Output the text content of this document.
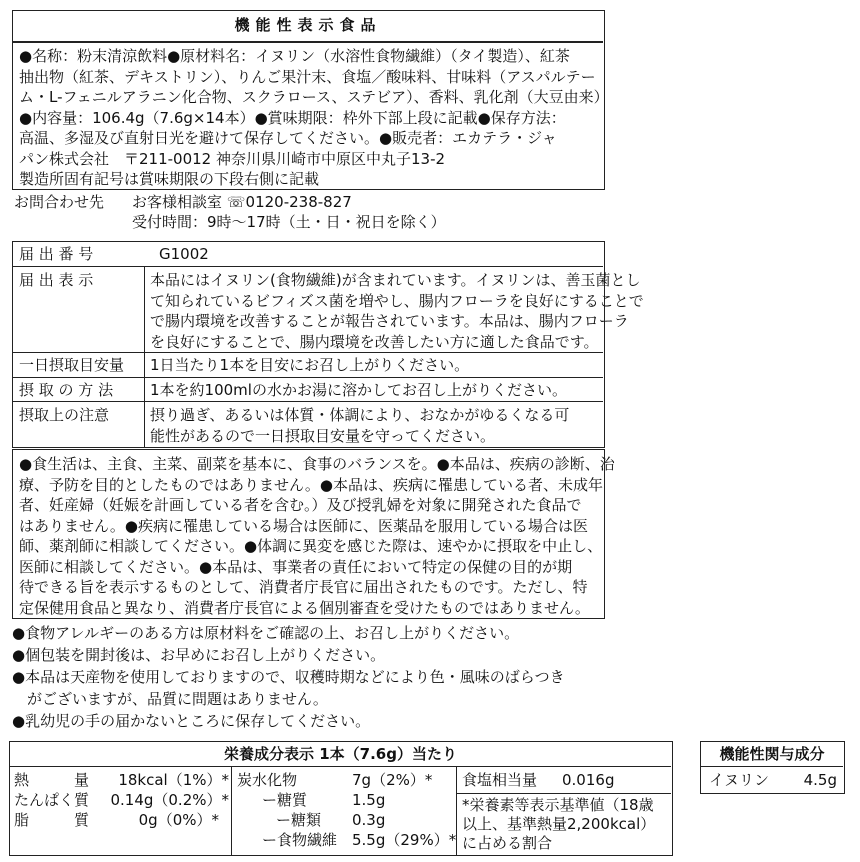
機能性表示食品
●名称：粉末清涼飲料●原材料名：イヌリン（水溶性食物繊維）（タイ製造）、紅茶
抽出物（紅茶、デキストリン）、りんご果汁末、食塩／酸味料、甘味料（アスパルテー
ム・L-フェニルアラニン化合物、スクラロース、ステビア）、香料、乳化剤（大豆由来）
●内容量：106.4g（7.6g×14本）●賞味期限：枠外下部上段に記載●保存方法：
高温、多湿及び直射日光を避けて保存してください。●販売者：エカテラ・ジャ
パン株式会社　〒211-0012 神奈川県川崎市中原区中丸子13-2
製造所固有記号は賞味期限の下段右側に記載
お問合わせ先 お客様相談室 ☏0120-238-827
受付時間：9時〜17時（土・日・祝日を除く）
届 出 番 号	G1002
届 出 表 示	本品にはイヌリン(食物繊維)が含まれています。イヌリンは、善玉菌とし
て知られているビフィズス菌を増やし、腸内フローラを良好にすることで
で腸内環境を改善することが報告されています。本品は、腸内フローラ
を良好にすることで、腸内環境を改善したい方に適した食品です。
一日摂取目安量 1日当たり1本を目安にお召し上がりください。
摂 取 の 方 法 1本を約100mlの水かお湯に溶かしてお召し上がりください。
摂取上の注意	摂り過ぎ、あるいは体質・体調により、おなかがゆるくなる可
能性があるので一日摂取目安量を守ってください。
●食生活は、主食、主菜、副菜を基本に、食事のバランスを。●本品は、疾病の診断、治
療、予防を目的としたものではありません。●本品は、疾病に罹患している者、未成年
者、妊産婦（妊娠を計画している者を含む。）及び授乳婦を対象に開発された食品で
はありません。●疾病に罹患している場合は医師に、医薬品を服用している場合は医
師、薬剤師に相談してください。●体調に異変を感じた際は、速やかに摂取を中止し、
医師に相談してください。●本品は、事業者の責任において特定の保健の目的が期
待できる旨を表示するものとして、消費者庁長官に届出されたものです。ただし、特
定保健用食品と異なり、消費者庁長官による個別審査を受けたものではありません。
●食物アレルギーのある方は原材料をご確認の上、お召し上がりください。
●個包装を開封後は、お早めにお召し上がりください。
●本品は天産物を使用しておりますので、収穫時期などにより色・風味のばらつき
　がございますが、品質に問題はありません。
●乳幼児の手の届かないところに保存してください。
栄養成分表示 1本（7.6g）当たり
熱　　　量	18kcal（1%）*
たんぱく質	0.14g（0.2%）*
脂　　　質	0g（0%）*
炭水化物	7g（2%）*
ー糖質	1.5g
ー糖類 0.3g
ー食物繊維 5.5g（29%）*
食塩相当量 0.016g
*栄養素等表示基準値（18歳
以上、基準熱量2,200kcal）
に占める割合
機能性関与成分
イヌリン	4.5g
